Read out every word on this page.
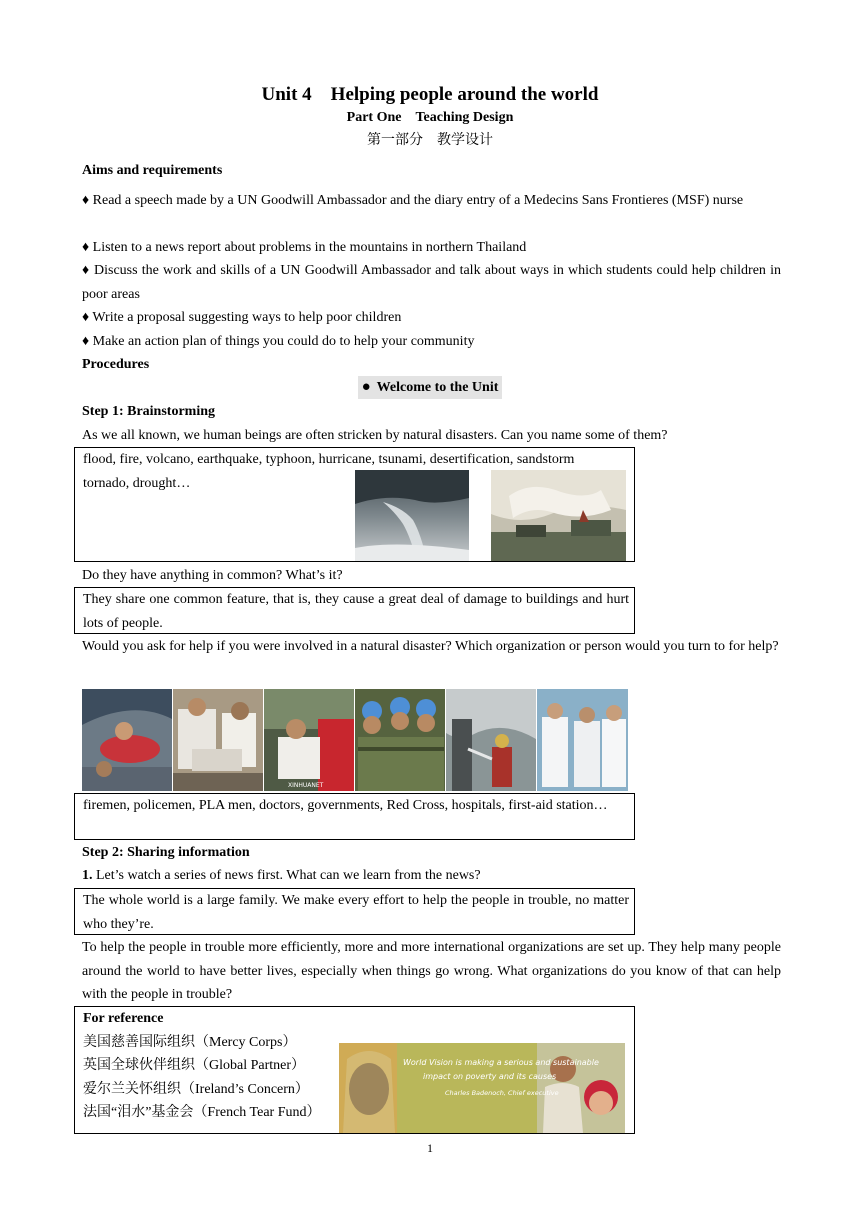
Unit 4    Helping people around the world
Part One    Teaching Design
第一部分    教学设计
Aims and requirements
♦ Read a speech made by a UN Goodwill Ambassador and the diary entry of a Medecins Sans Frontieres (MSF) nurse
♦ Listen to a news report about problems in the mountains in northern Thailand
♦ Discuss the work and skills of a UN Goodwill Ambassador and talk about ways in which students could help children in poor areas
♦ Write a proposal suggesting ways to help poor children
♦ Make an action plan of things you could do to help your community
Procedures
● Welcome to the Unit
Step 1: Brainstorming
As we all known, we human beings are often stricken by natural disasters. Can you name some of them?
flood, fire, volcano, earthquake, typhoon, hurricane, tsunami, desertification, sandstorm
tornado, drought…
Do they have anything in common? What’s it?
They share one common feature, that is, they cause a great deal of damage to buildings and hurt lots of people.
Would you ask for help if you were involved in a natural disaster? Which organization or person would you turn to for help?
XINHUANET
firemen, policemen, PLA men, doctors, governments, Red Cross, hospitals, first-aid station…
Step 2: Sharing information
1. Let’s watch a series of news first. What can we learn from the news?
The whole world is a large family. We make every effort to help the people in trouble, no matter who they’re.
To help the people in trouble more efficiently, more and more international organizations are set up. They help many people around the world to have better lives, especially when things go wrong. What organizations do you know of that can help with the people in trouble?
For reference
美国慈善国际组织（Mercy Corps）
英国全球伙伴组织（Global Partner）
爱尔兰关怀组织（Ireland’s Concern）
法国“泪水”基金会（French Tear Fund）
World Vision is making a serious and sustainable
impact on poverty and its causes
Charles Badenoch, Chief executive
1
